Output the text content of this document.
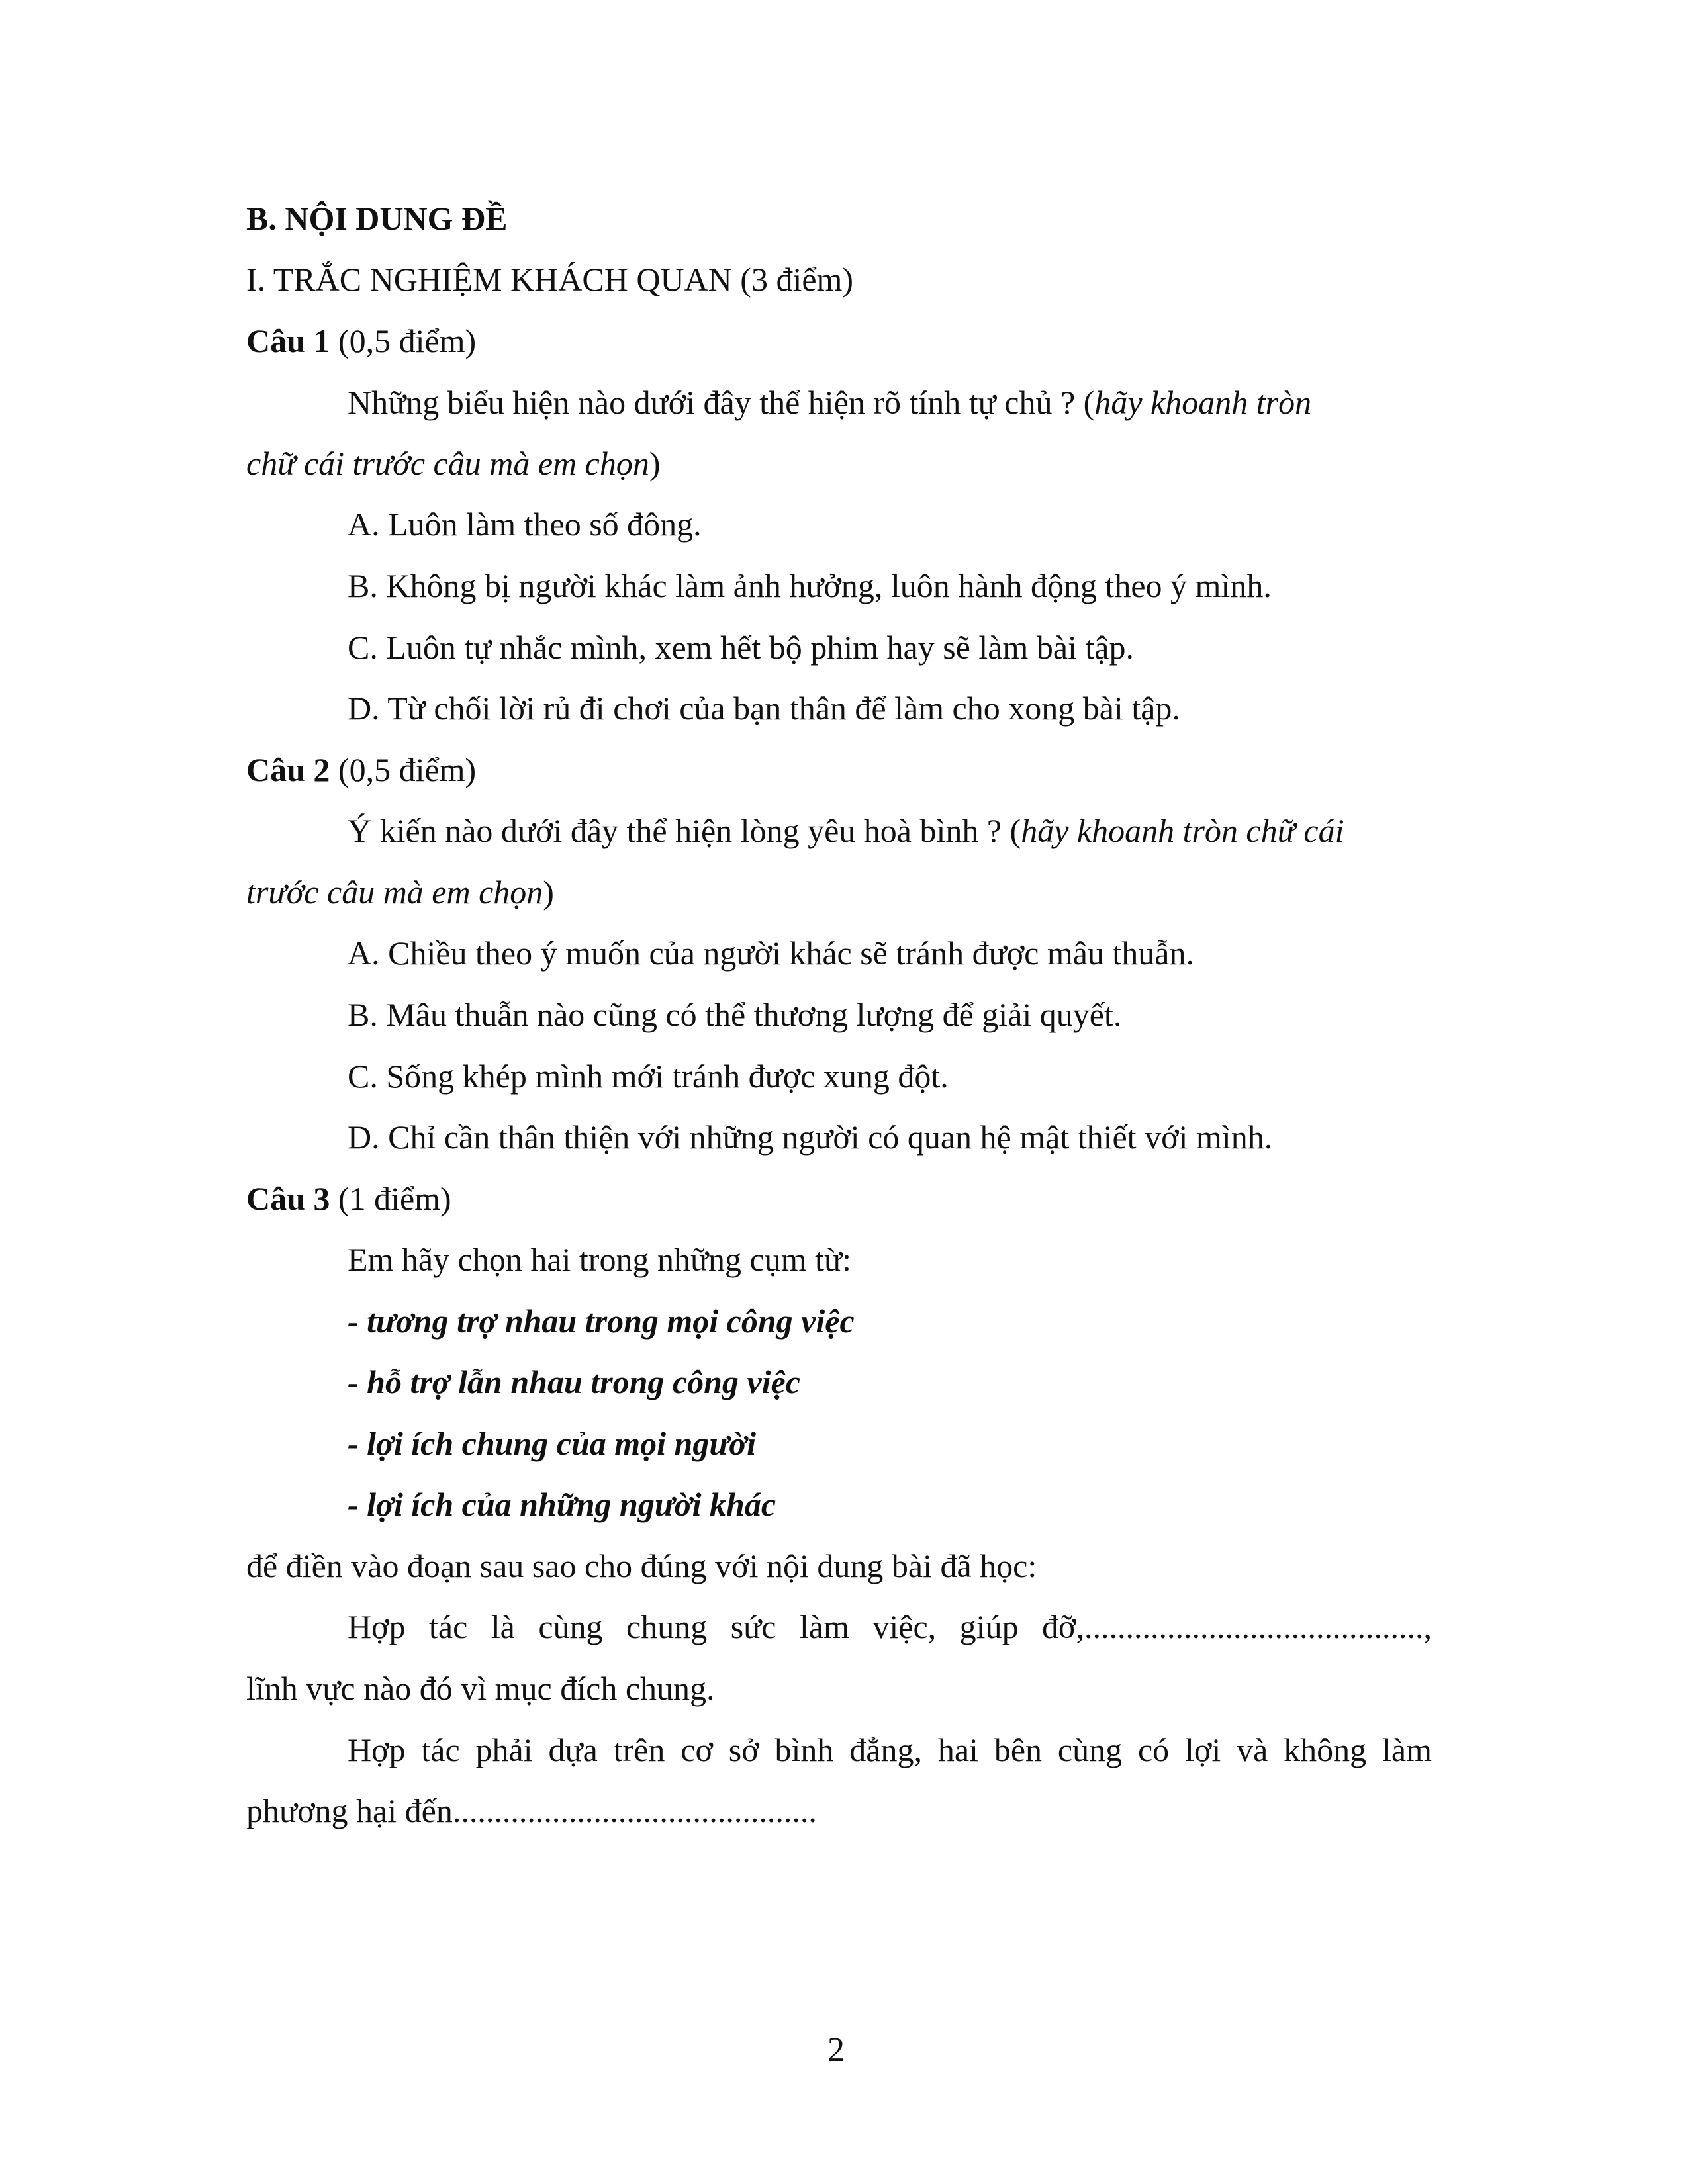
B. NỘI DUNG ĐỀ
I. TRẮC NGHIỆM KHÁCH QUAN (3 điểm)
Câu 1 (0,5 điểm)
Những biểu hiện nào dưới đây thể hiện rõ tính tự chủ ? (hãy khoanh tròn
chữ cái trước câu mà em chọn)
A. Luôn làm theo số đông.
B. Không bị người khác làm ảnh hưởng, luôn hành động theo ý mình.
C. Luôn tự nhắc mình, xem hết bộ phim hay sẽ làm bài tập.
D. Từ chối lời rủ đi chơi của bạn thân để làm cho xong bài tập.
Câu 2 (0,5 điểm)
Ý kiến nào dưới đây thể hiện lòng yêu hoà bình ? (hãy khoanh tròn chữ cái
trước câu mà em chọn)
A. Chiều theo ý muốn của người khác sẽ tránh được mâu thuẫn.
B. Mâu thuẫn nào cũng có thể thương lượng để giải quyết.
C. Sống khép mình mới tránh được xung đột.
D. Chỉ cần thân thiện với những người có quan hệ mật thiết với mình.
Câu 3 (1 điểm)
Em hãy chọn hai trong những cụm từ:
- tương trợ nhau trong mọi công việc
- hỗ trợ lẫn nhau trong công việc
- lợi ích chung của mọi người
- lợi ích của những người khác
để điền vào đoạn sau sao cho đúng với nội dung bài đã học:
Hợp tác là cùng chung sức làm việc, giúp đỡ,.........................................,
lĩnh vực nào đó vì mục đích chung.
Hợp tác phải dựa trên cơ sở bình đẳng, hai bên cùng có lợi và không làm
phương hại đến............................................
2
